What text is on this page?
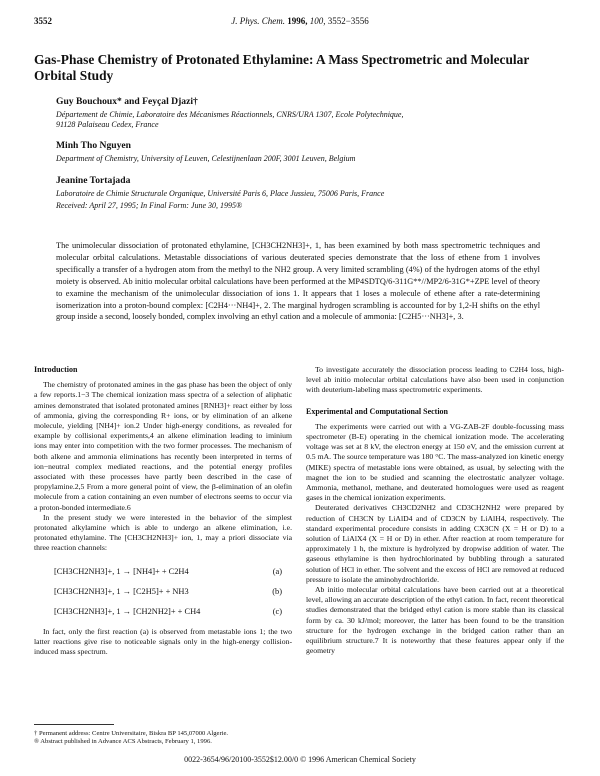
3552	J. Phys. Chem. 1996, 100, 3552−3556
Gas-Phase Chemistry of Protonated Ethylamine: A Mass Spectrometric and Molecular Orbital Study

Guy Bouchoux* and Feyçal Djazi†

Département de Chimie, Laboratoire des Mécanismes Réactionnels, CNRS/URA 1307, Ecole Polytechnique,

91128 Palaiseau Cedex, France

Minh Tho Nguyen

Department of Chemistry, University of Leuven, Celestijnenlaan 200F, 3001 Leuven, Belgium

Jeanine Tortajada

Laboratoire de Chimie Structurale Organique, Université Paris 6, Place Jussieu, 75006 Paris, France

Received: April 27, 1995; In Final Form: June 30, 1995®

The unimolecular dissociation of protonated ethylamine, [CH3CH2NH3]+, 1, has been examined by both mass spectrometric techniques and molecular orbital calculations. Metastable dissociations of various deuterated species demonstrate that the loss of ethene from 1 involves specifically a transfer of a hydrogen atom from the methyl to the NH2 group. A very limited scrambling (4%) of the hydrogen atoms of the ethyl moiety is observed. Ab initio molecular orbital calculations have been performed at the MP4SDTQ/6-311G**//MP2/6-31G*+ZPE level of theory to examine the mechanism of the unimolecular dissociation of ions 1. It appears that 1 loses a molecule of ethene after a rate-determining isomerization into a proton-bound complex: [C2H4···NH4]+, 2. The marginal hydrogen scrambling is accounted for by 1,2-H shifts on the ethyl group inside a second, loosely bonded, complex involving an ethyl cation and a molecule of ammonia: [C2H5···NH3]+, 3.

Introduction

The chemistry of protonated amines in the gas phase has been the object of only a few reports.1−3 The chemical ionization mass spectra of a selection of aliphatic amines demonstrated that isolated protonated amines [RNH3]+ react either by loss of ammonia, giving the corresponding R+ ions, or by elimination of an alkene molecule, yielding [NH4]+ ion.2 Under high-energy conditions, as revealed for example by collisional experiments,4 an alkene elimination leading to iminium ions may enter into competition with the two former processes. The mechanism of both alkene and ammonia eliminations has recently been interpreted in terms of ion−neutral complex mediated reactions, and the potential energy profiles associated with these processes have partly been described in the case of propylamine.2,5 From a more general point of view, the β-elimination of an olefin molecule from a cation containing an even number of electrons seems to occur via a proton-bonded intermediate.6

In the present study we were interested in the behavior of the simplest protonated alkylamine which is able to undergo an alkene elimination, i.e. protonated ethylamine. The [CH3CH2NH3]+ ion, 1, may a priori dissociate via three reaction channels:

[CH3CH2NH3]+, 1 → [NH4]+ + C2H4	(a)
[CH3CH2NH3]+, 1 → [C2H5]+ + NH3	(b)
[CH3CH2NH3]+, 1 → [CH2NH2]+ + CH4	(c)

In fact, only the first reaction (a) is observed from metastable ions 1; the two latter reactions give rise to noticeable signals only in the high-energy collision-induced mass spectrum.

† Permanent address: Centre Universitaire, Biskra BP 145,07000 Algerie.
® Abstract published in Advance ACS Abstracts, February 1, 1996.

To investigate accurately the dissociation process leading to C2H4 loss, high-level ab initio molecular orbital calculations have also been used in conjunction with deuterium-labeling mass spectrometric experiments.

Experimental and Computational Section

The experiments were carried out with a VG-ZAB-2F double-focussing mass spectrometer (B-E) operating in the chemical ionization mode. The accelerating voltage was set at 8 kV, the electron energy at 150 eV, and the emission current at 0.5 mA. The source temperature was 180 °C. The mass-analyzed ion kinetic energy (MIKE) spectra of metastable ions were obtained, as usual, by selecting with the magnet the ion to be studied and scanning the electrostatic analyzer voltage. Ammonia, methanol, methane, and deuterated homologues were used as reagent gases in the chemical ionization experiments.

Deuterated derivatives CH3CD2NH2 and CD3CH2NH2 were prepared by reduction of CH3CN by LiAlD4 and of CD3CN by LiAlH4, respectively. The standard experimental procedure consists in adding CX3CN (X = H or D) to a solution of LiAlX4 (X = H or D) in ether. After reaction at room temperature for approximately 1 h, the mixture is hydrolyzed by dropwise addition of water. The gaseous ethylamine is then hydrochlorinated by bubbling through a saturated solution of HCl in ether. The solvent and the excess of HCl are removed at reduced pressure to isolate the aminohydrochloride.

Ab initio molecular orbital calculations have been carried out at a theoretical level, allowing an accurate description of the ethyl cation. In fact, recent theoretical studies demonstrated that the bridged ethyl cation is more stable than its classical form by ca. 30 kJ/mol; moreover, the latter has been found to be the transition structure for the hydrogen exchange in the bridged cation rather than an equilibrium structure.7 It is noteworthy that these features appear only if the geometry

0022-3654/96/20100-3552$12.00/0 © 1996 American Chemical Society
